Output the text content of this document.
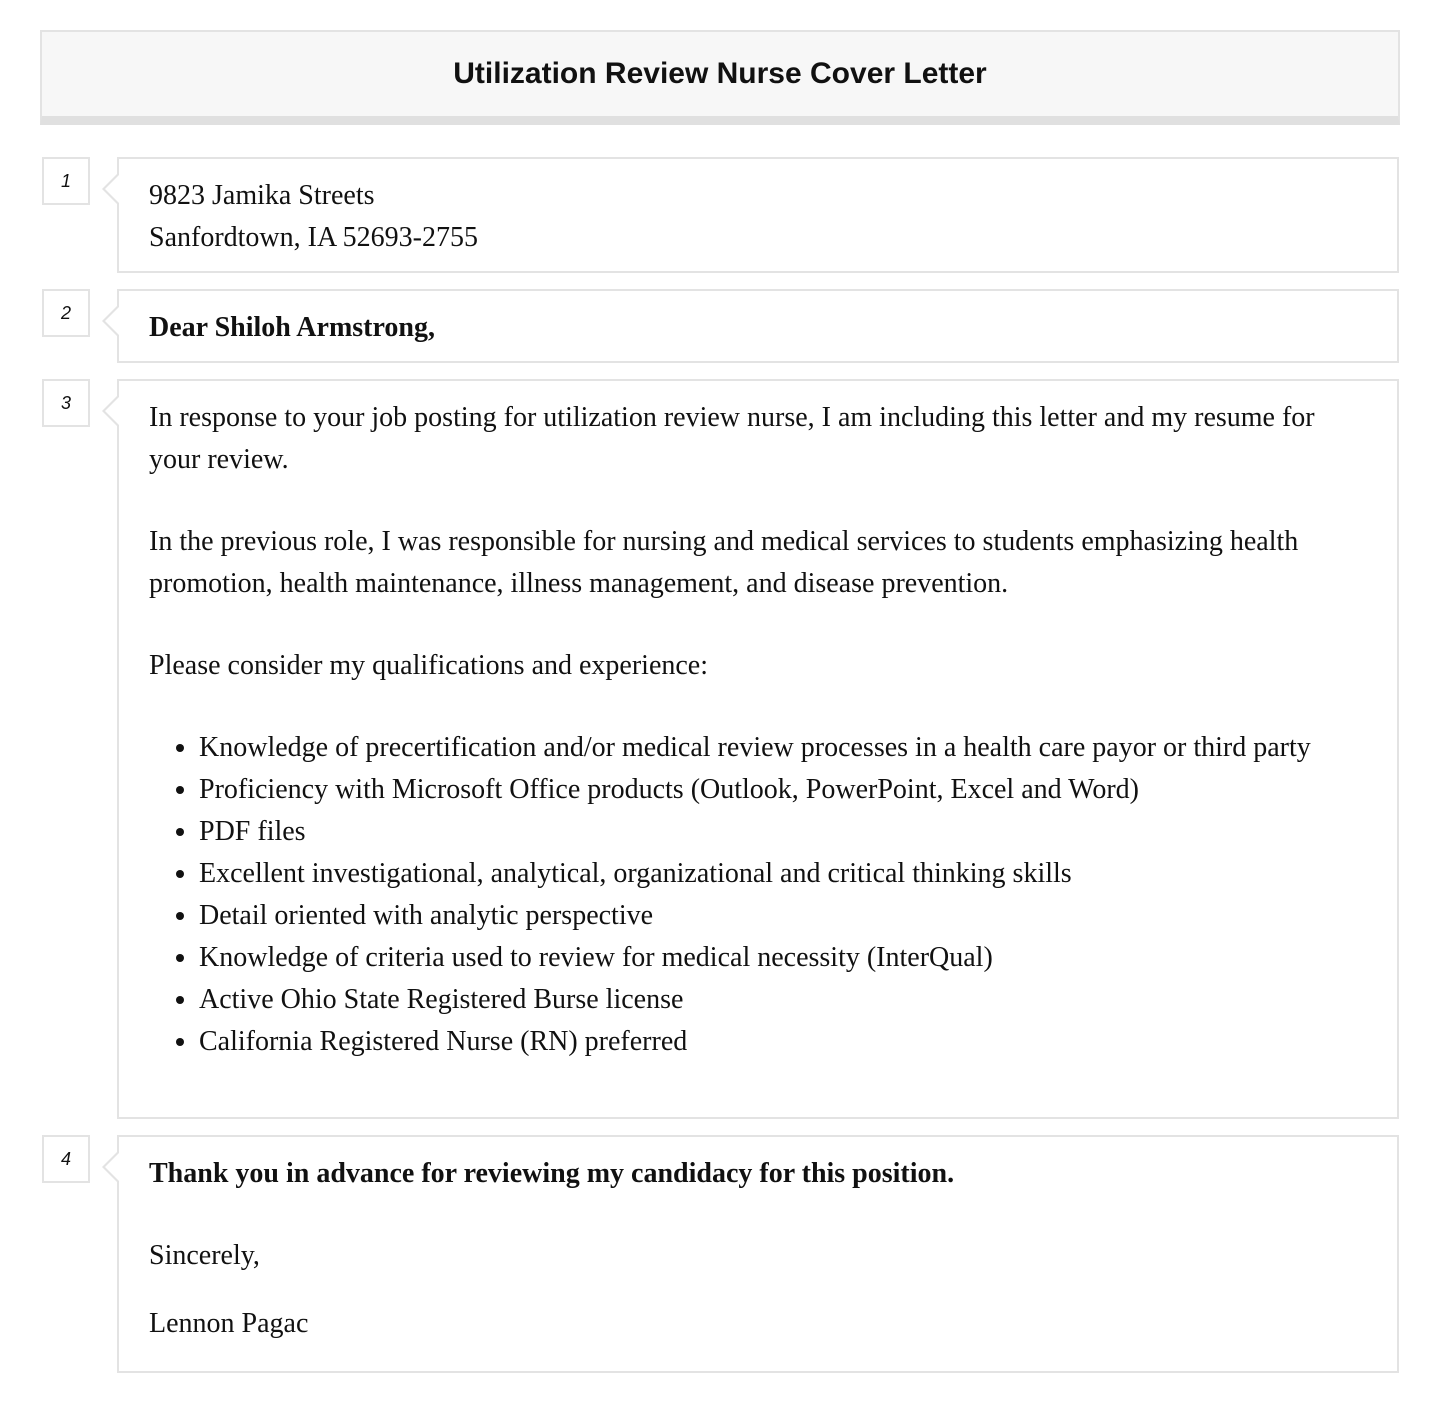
Utilization Review Nurse Cover Letter
1	9823 Jamika Streets

Sanfordtown, IA 52693-2755

2	Dear Shiloh Armstrong,

3	In response to your job posting for utilization review nurse, I am including this letter and my resume for your review.

In the previous role, I was responsible for nursing and medical services to students emphasizing health promotion, health maintenance, illness management, and disease prevention.

Please consider my qualifications and experience:

• Knowledge of precertification and/or medical review processes in a health care payor or third party
• Proficiency with Microsoft Office products (Outlook, PowerPoint, Excel and Word)
• PDF files
• Excellent investigational, analytical, organizational and critical thinking skills
• Detail oriented with analytic perspective
• Knowledge of criteria used to review for medical necessity (InterQual)
• Active Ohio State Registered Burse license
• California Registered Nurse (RN) preferred
4	Thank you in advance for reviewing my candidacy for this position.

Sincerely,

Lennon Pagac
